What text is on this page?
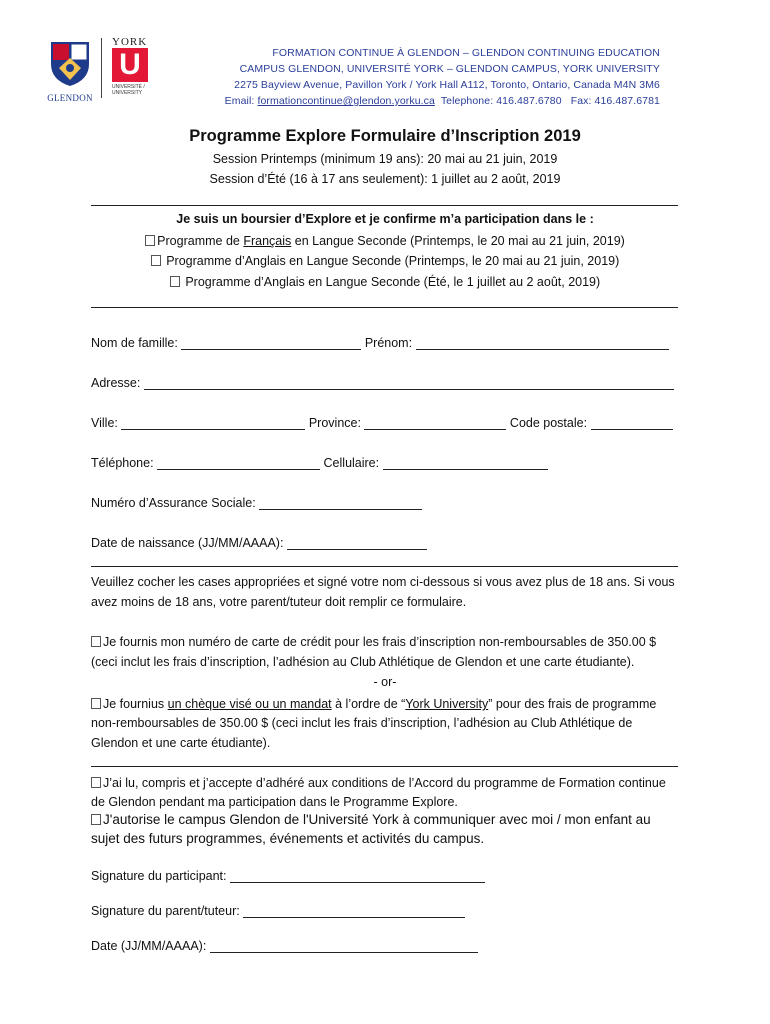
GLENDON
YORK
U
UNIVERSITÉ / UNIVERSITY
FORMATION CONTINUE À GLENDON – GLENDON CONTINUING EDUCATION
CAMPUS GLENDON, UNIVERSITÉ YORK – GLENDON CAMPUS, YORK UNIVERSITY
2275 Bayview Avenue, Pavillon York / York Hall A112, Toronto, Ontario, Canada M4N 3M6
Email: formationcontinue@glendon.yorku.ca Telephone: 416.487.6780 Fax: 416.487.6781
Programme Explore Formulaire d’Inscription 2019
Session Printemps (minimum 19 ans): 20 mai au 21 juin, 2019
Session d’Été (16 à 17 ans seulement): 1 juillet au 2 août, 2019
Je suis un boursier d’Explore et je confirme m’a participation dans le :
Programme de Français en Langue Seconde (Printemps, le 20 mai au 21 juin, 2019)
Programme d’Anglais en Langue Seconde (Printemps, le 20 mai au 21 juin, 2019)
Programme d’Anglais en Langue Seconde (Été, le 1 juillet au 2 août, 2019)
Nom de famille:	Prénom:
Adresse:
Ville:	Province:	Code postale:
Téléphone:	Cellulaire:
Numéro d’Assurance Sociale:
Date de naissance (JJ/MM/AAAA):
Veuillez cocher les cases appropriées et signé votre nom ci-dessous si vous avez plus de 18 ans. Si vous
avez moins de 18 ans, votre parent/tuteur doit remplir ce formulaire.
Je fournis mon numéro de carte de crédit pour les frais d’inscription non-remboursables de 350.00 $
(ceci inclut les frais d’inscription, l’adhésion au Club Athlétique de Glendon et une carte étudiante).
- or-
Je fournius un chèque visé ou un mandat à l’ordre de “York University” pour des frais de programme
non-remboursables de 350.00 $ (ceci inclut les frais d’inscription, l’adhésion au Club Athlétique de
Glendon et une carte étudiante).
J’ai lu, compris et j’accepte d’adhéré aux conditions de l’Accord du programme de Formation continue
de Glendon pendant ma participation dans le Programme Explore.
J'autorise le campus Glendon de l'Université York à communiquer avec moi / mon enfant au
sujet des futurs programmes, événements et activités du campus.
Signature du participant:
Signature du parent/tuteur:
Date (JJ/MM/AAAA):
